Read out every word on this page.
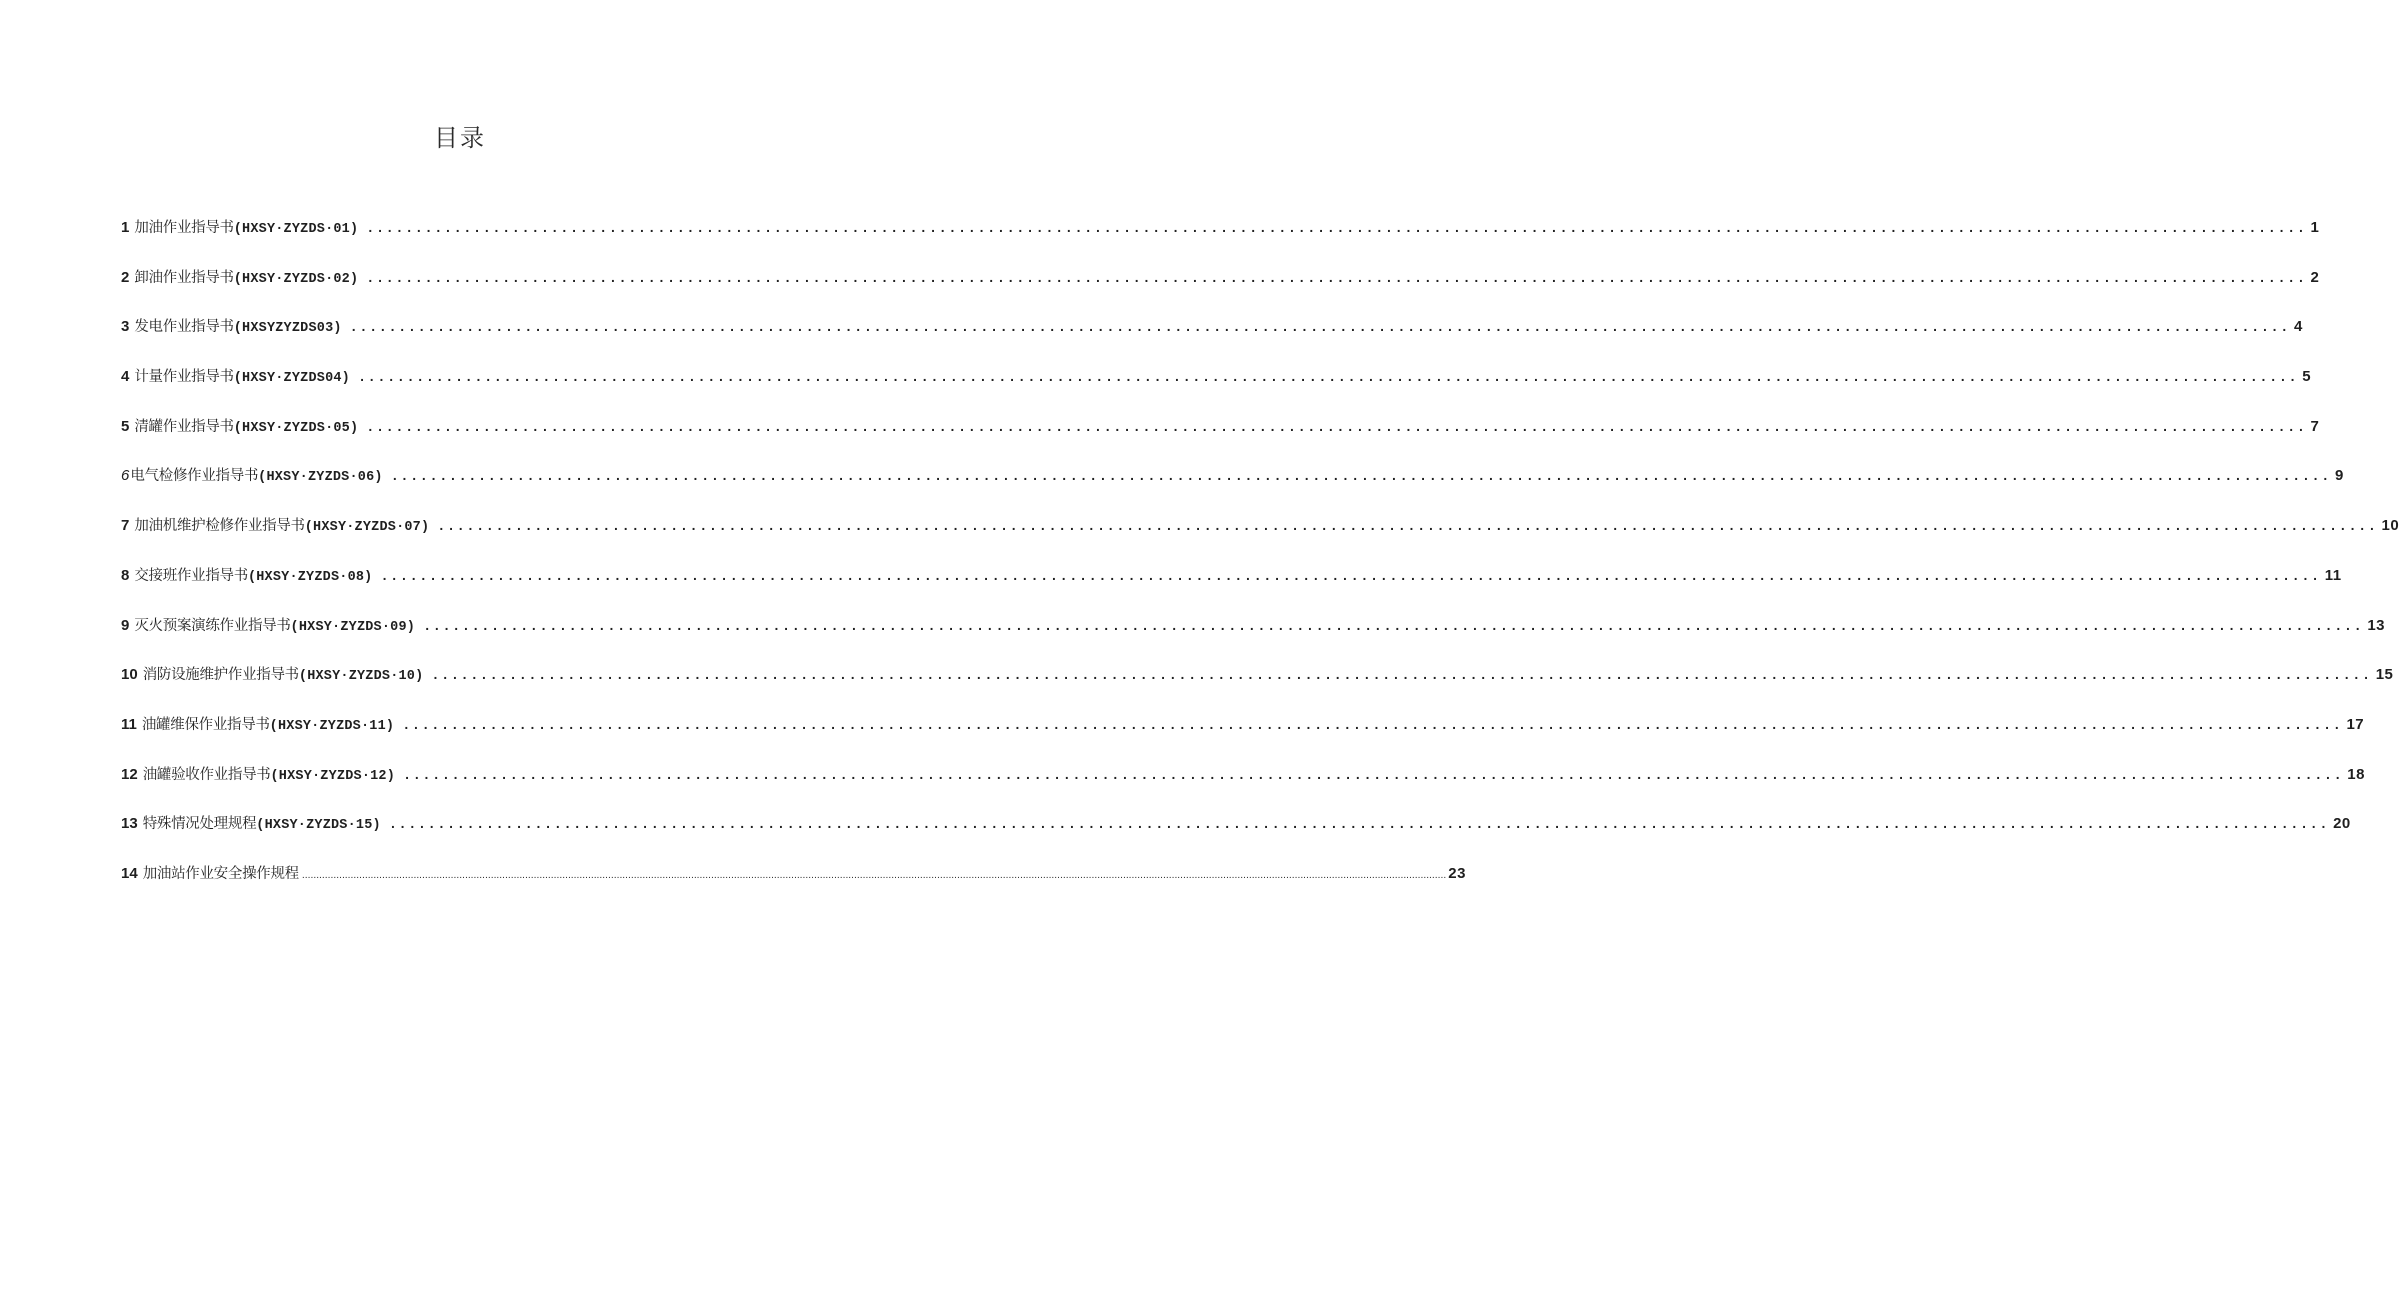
目录
1 加油作业指导书 (HXSY·ZYZDS·01) ........................................................................................................................................................................................................ 1
2 卸油作业指导书 (HXSY·ZYZDS·02) ........................................................................................................................................................................................................ 2
3 发电作业指导书 (HXSYZYZDS03) ........................................................................................................................................................................................................ 4
4 计量作业指导书 (HXSY·ZYZDS04) ........................................................................................................................................................................................................ 5
5 清罐作业指导书 (HXSY·ZYZDS·05) ........................................................................................................................................................................................................ 7
6 电气检修作业指导书 (HXSY·ZYZDS·06) ........................................................................................................................................................................................................ 9
7 加油机维护检修作业指导书 (HXSY·ZYZDS·07) ........................................................................................................................................................................................................ 10
8 交接班作业指导书 (HXSY·ZYZDS·08) ........................................................................................................................................................................................................ 11
9 灭火预案演练作业指导书 (HXSY·ZYZDS·09) ........................................................................................................................................................................................................ 13
10 消防设施维护作业指导书 (HXSY·ZYZDS·10) ........................................................................................................................................................................................................ 15
11 油罐维保作业指导书 (HXSY·ZYZDS·11) ........................................................................................................................................................................................................ 17
12 油罐验收作业指导书 (HXSY·ZYZDS·12) ........................................................................................................................................................................................................ 18
13 特殊情况处理规程 (HXSY·ZYZDS·15) ........................................................................................................................................................................................................ 20
14 加油站作业安全操作规程 ................................................................................................................................................................................................................................................................................................................................................................................................................ 23
